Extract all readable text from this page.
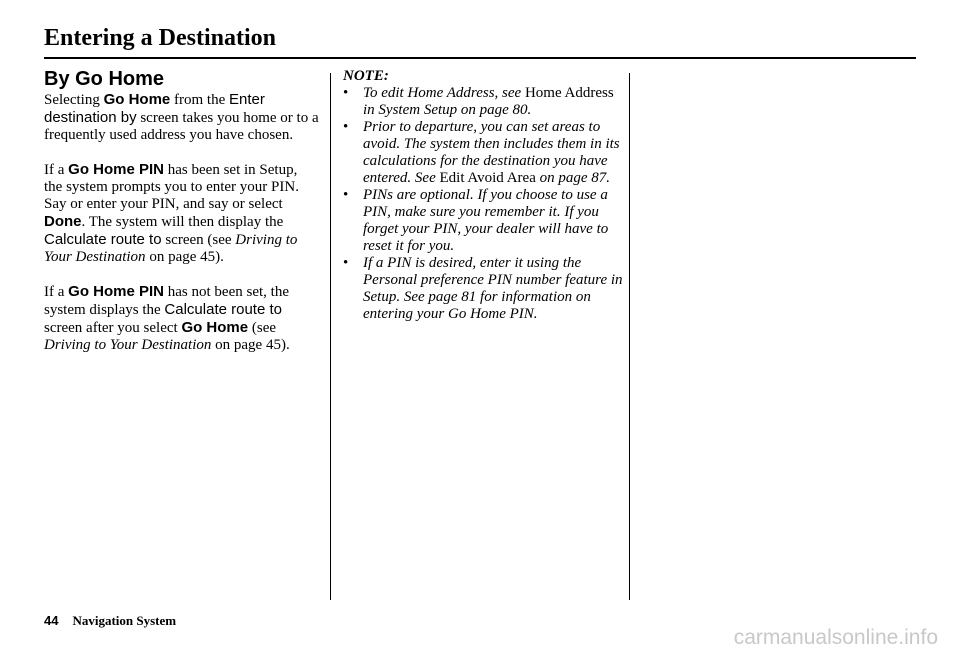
Entering a Destination
By Go Home

Selecting Go Home from the Enter destination by screen takes you home or to a frequently used address you have chosen.

If a Go Home PIN has been set in Setup, the system prompts you to enter your PIN. Say or enter your PIN, and say or select Done. The system will then display the Calculate route to screen (see Driving to Your Destination on page 45).

If a Go Home PIN has not been set, the system displays the Calculate route to screen after you select Go Home (see Driving to Your Destination on page 45).

NOTE:
• To edit Home Address, see Home Address in System Setup on page 80.
• Prior to departure, you can set areas to avoid. The system then includes them in its calculations for the destination you have entered. See Edit Avoid Area on page 87.
• PINs are optional. If you choose to use a PIN, make sure you remember it. If you forget your PIN, your dealer will have to reset it for you.
• If a PIN is desired, enter it using the Personal preference PIN number feature in Setup. See page 81 for information on entering your Go Home PIN.
44 Navigation System
carmanualsonline.info
